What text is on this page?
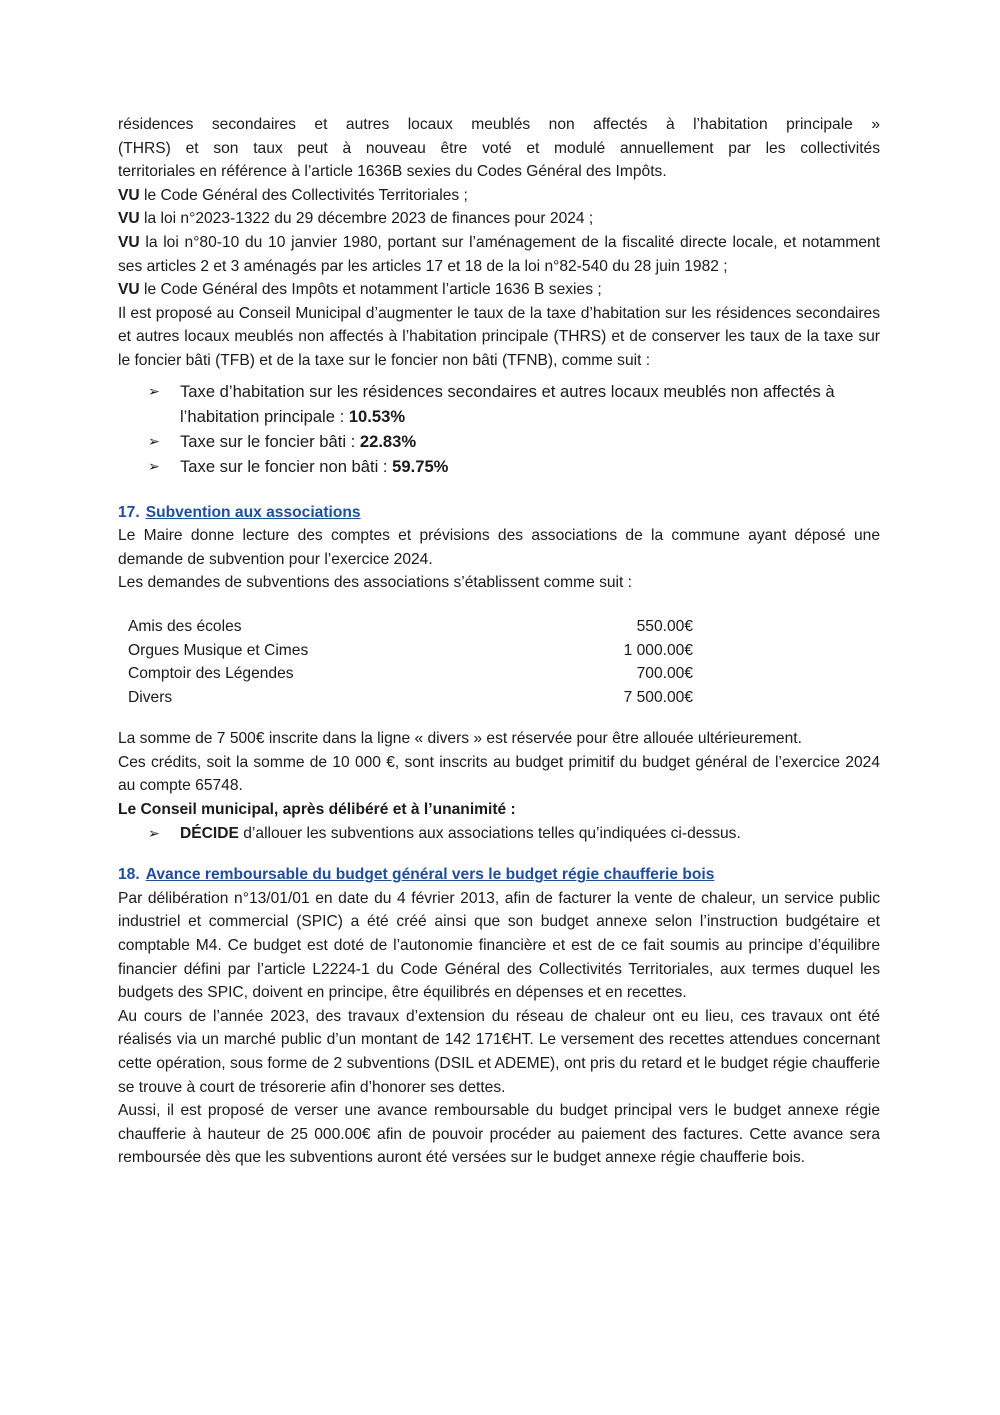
résidences secondaires et autres locaux meublés non affectés à l’habitation principale »

(THRS) et son taux peut à nouveau être voté et modulé annuellement par les collectivités

territoriales en référence à l’article 1636B sexies du Codes Général des Impôts.

VU le Code Général des Collectivités Territoriales ;

VU la loi n°2023-1322 du 29 décembre 2023 de finances pour 2024 ;

VU la loi n°80-10 du 10 janvier 1980, portant sur l’aménagement de la fiscalité directe locale, et notamment ses articles 2 et 3 aménagés par les articles 17 et 18 de la loi n°82-540 du 28 juin 1982 ;

VU le Code Général des Impôts et notamment l’article 1636 B sexies ;

Il est proposé au Conseil Municipal d’augmenter le taux de la taxe d’habitation sur les résidences secondaires et autres locaux meublés non affectés à l’habitation principale (THRS) et de conserver les taux de la taxe sur le foncier bâti (TFB) et de la taxe sur le foncier non bâti (TFNB), comme suit :

➢	Taxe d’habitation sur les résidences secondaires et autres locaux meublés non affectés à l’habitation principale : 10.53%
➢	Taxe sur le foncier bâti : 22.83%
➢	Taxe sur le foncier non bâti : 59.75%

17. Subvention aux associations

Le Maire donne lecture des comptes et prévisions des associations de la commune ayant déposé une demande de subvention pour l’exercice 2024.

Les demandes de subventions des associations s’établissent comme suit :

Amis des écoles	550.00€
Orgues Musique et Cimes	1 000.00€
Comptoir des Légendes	700.00€
Divers	7 500.00€

La somme de 7 500€ inscrite dans la ligne « divers » est réservée pour être allouée ultérieurement.

Ces crédits, soit la somme de 10 000 €, sont inscrits au budget primitif du budget général de l’exercice 2024 au compte 65748.

Le Conseil municipal, après délibéré et à l’unanimité :

➢	DÉCIDE d’allouer les subventions aux associations telles qu’indiquées ci-dessus.

18. Avance remboursable du budget général vers le budget régie chaufferie bois

Par délibération n°13/01/01 en date du 4 février 2013, afin de facturer la vente de chaleur, un service public industriel et commercial (SPIC) a été créé ainsi que son budget annexe selon l’instruction budgétaire et comptable M4. Ce budget est doté de l’autonomie financière et est de ce fait soumis au principe d’équilibre financier défini par l’article L2224-1 du Code Général des Collectivités Territoriales, aux termes duquel les budgets des SPIC, doivent en principe, être équilibrés en dépenses et en recettes.

Au cours de l’année 2023, des travaux d’extension du réseau de chaleur ont eu lieu, ces travaux ont été réalisés via un marché public d’un montant de 142 171€HT. Le versement des recettes attendues concernant cette opération, sous forme de 2 subventions (DSIL et ADEME), ont pris du retard et le budget régie chaufferie se trouve à court de trésorerie afin d’honorer ses dettes.

Aussi, il est proposé de verser une avance remboursable du budget principal vers le budget annexe régie chaufferie à hauteur de 25 000.00€ afin de pouvoir procéder au paiement des factures. Cette avance sera remboursée dès que les subventions auront été versées sur le budget annexe régie chaufferie bois.
